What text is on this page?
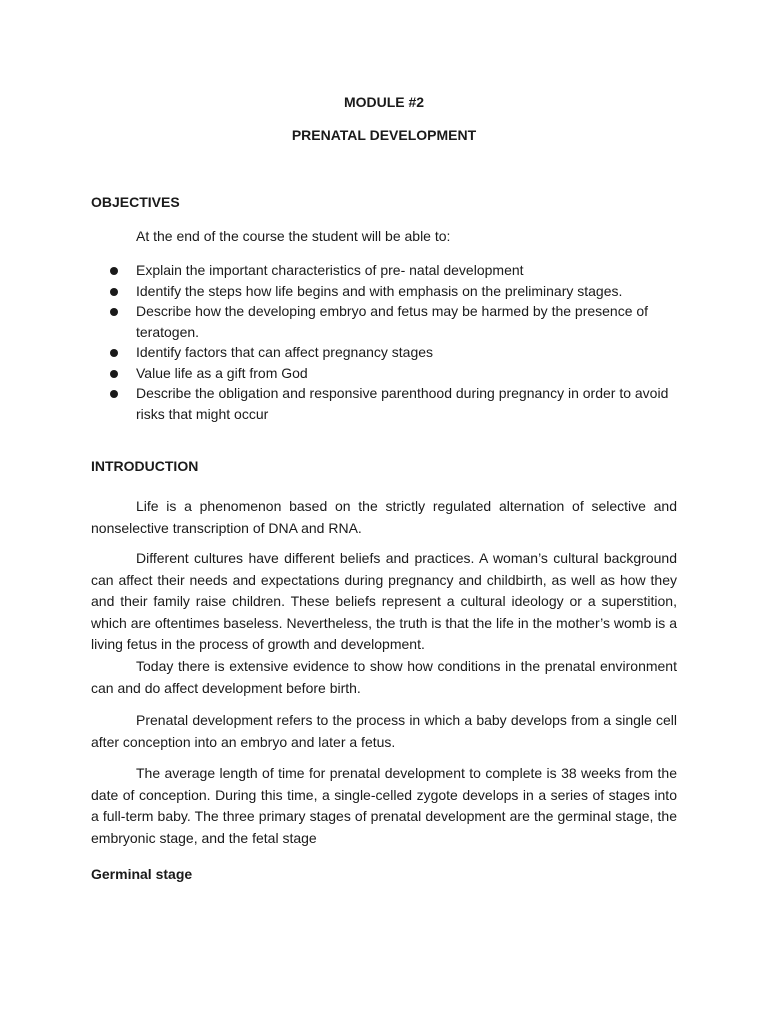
MODULE #2
PRENATAL DEVELOPMENT
OBJECTIVES
At the end of the course the student will be able to:
Explain the important characteristics of pre- natal development
Identify the steps how life begins and with emphasis on the preliminary stages.
Describe how the developing embryo and fetus may be harmed by the presence of teratogen.
Identify factors that can affect pregnancy stages
Value life as a gift from God
Describe the obligation and responsive parenthood during pregnancy in order to avoid risks that might occur
INTRODUCTION

Life is a phenomenon based on the strictly regulated alternation of selective and nonselective transcription of DNA and RNA.

Different cultures have different beliefs and practices. A woman’s cultural background can affect their needs and expectations during pregnancy and childbirth, as well as how they and their family raise children. These beliefs represent a cultural ideology or a superstition, which are oftentimes baseless. Nevertheless, the truth is that the life in the mother’s womb is a living fetus in the process of growth and development.

Today there is extensive evidence to show how conditions in the prenatal environment can and do affect development before birth.

Prenatal development refers to the process in which a baby develops from a single cell after conception into an embryo and later a fetus.

The average length of time for prenatal development to complete is 38 weeks from the date of conception. During this time, a single-celled zygote develops in a series of stages into a full-term baby. The three primary stages of prenatal development are the germinal stage, the embryonic stage, and the fetal stage

Germinal stage
